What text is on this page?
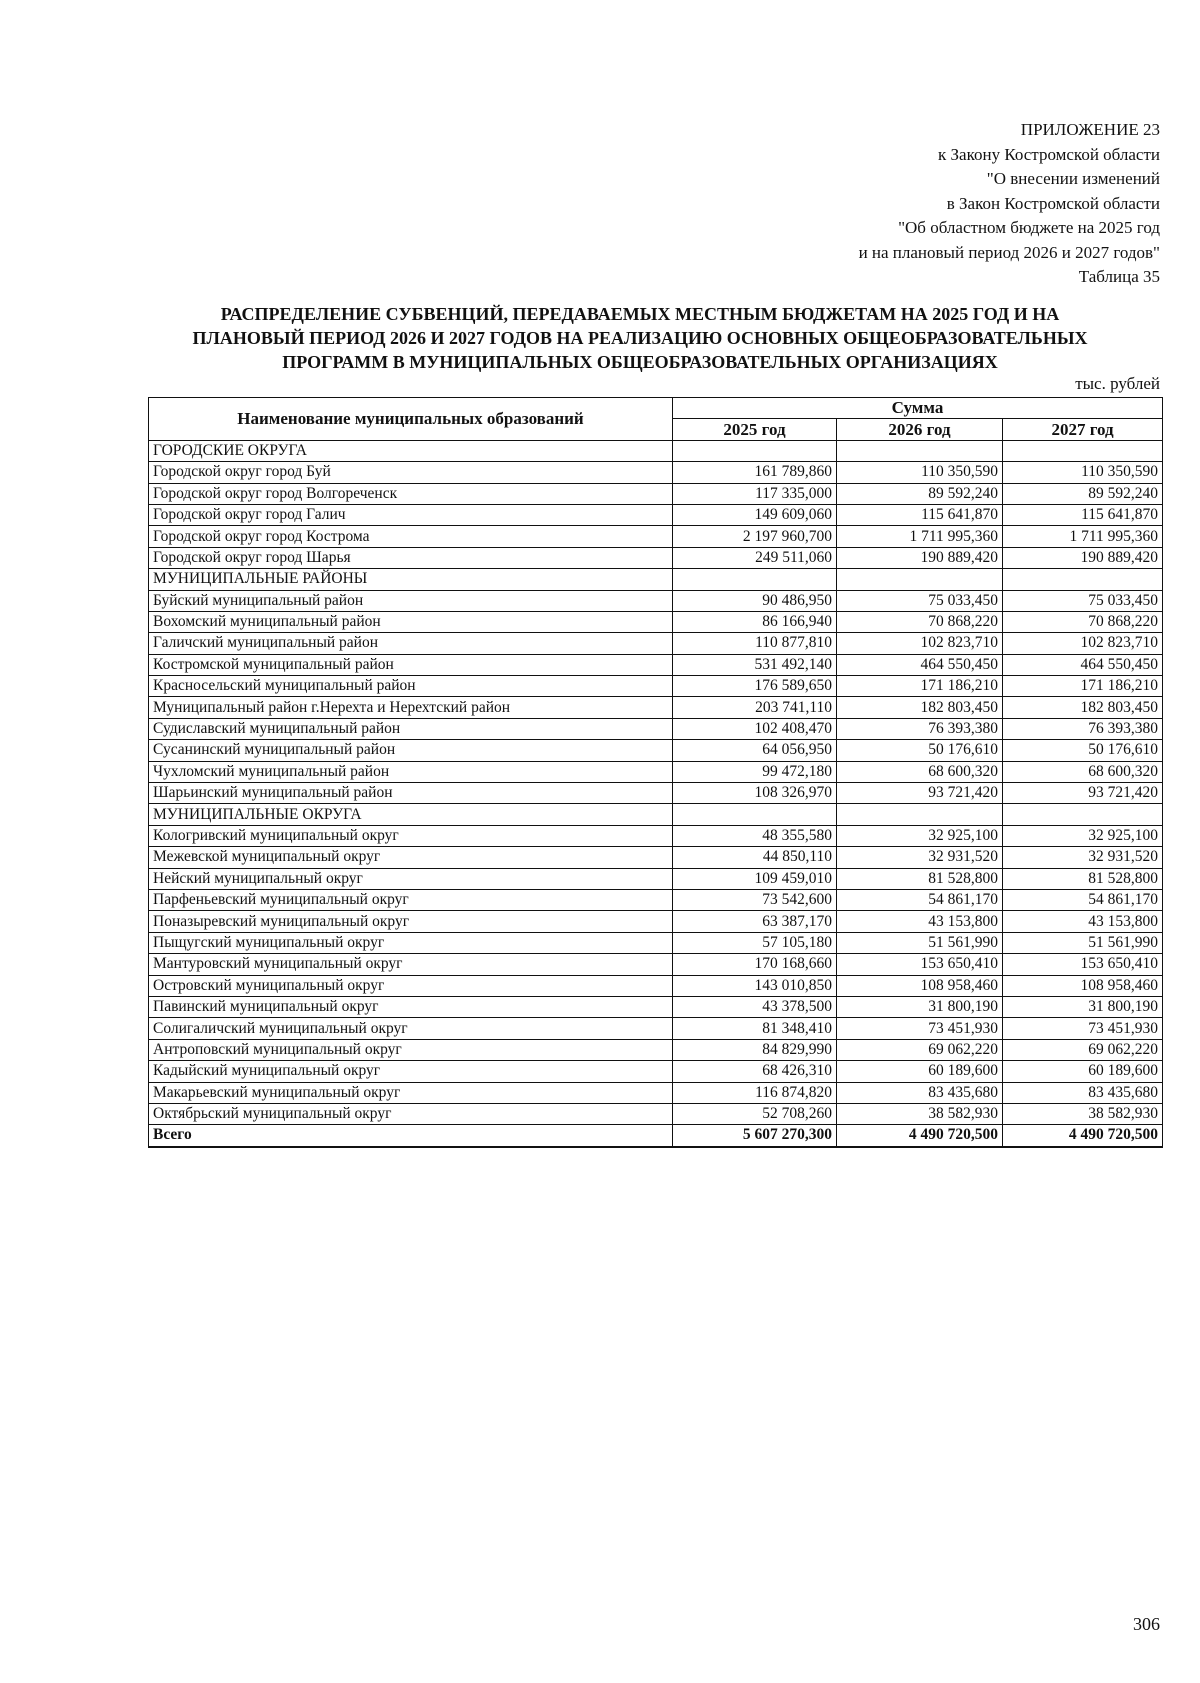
ПРИЛОЖЕНИЕ 23
к Закону Костромской области
"О внесении изменений
в Закон Костромской области
"Об областном бюджете на 2025 год
и на плановый период 2026 и 2027 годов"
Таблица 35
РАСПРЕДЕЛЕНИЕ СУБВЕНЦИЙ, ПЕРЕДАВАЕМЫХ МЕСТНЫМ БЮДЖЕТАМ НА 2025 ГОД И НА
ПЛАНОВЫЙ ПЕРИОД 2026 И 2027 ГОДОВ НА РЕАЛИЗАЦИЮ ОСНОВНЫХ ОБЩЕОБРАЗОВАТЕЛЬНЫХ
ПРОГРАММ В МУНИЦИПАЛЬНЫХ ОБЩЕОБРАЗОВАТЕЛЬНЫХ ОРГАНИЗАЦИЯХ
тыс. рублей
Наименование муниципальных образований	Сумма		
	2025 год	2026 год	2027 год
ГОРОДСКИЕ ОКРУГА			
Городской округ город Буй	161 789,860	110 350,590	110 350,590
Городской округ город Волгореченск	117 335,000	89 592,240	89 592,240
Городской округ город Галич	149 609,060	115 641,870	115 641,870
Городской округ город Кострома	2 197 960,700	1 711 995,360	1 711 995,360
Городской округ город Шарья	249 511,060	190 889,420	190 889,420
МУНИЦИПАЛЬНЫЕ РАЙОНЫ			
Буйский муниципальный район	90 486,950	75 033,450	75 033,450
Вохомский муниципальный район	86 166,940	70 868,220	70 868,220
Галичский муниципальный район	110 877,810	102 823,710	102 823,710
Костромской муниципальный район	531 492,140	464 550,450	464 550,450
Красносельский муниципальный район	176 589,650	171 186,210	171 186,210
Муниципальный район г.Нерехта и Нерехтский район	203 741,110	182 803,450	182 803,450
Судиславский муниципальный район	102 408,470	76 393,380	76 393,380
Сусанинский муниципальный район	64 056,950	50 176,610	50 176,610
Чухломский муниципальный район	99 472,180	68 600,320	68 600,320
Шарьинский муниципальный район	108 326,970	93 721,420	93 721,420
МУНИЦИПАЛЬНЫЕ ОКРУГА			
Кологривский муниципальный округ	48 355,580	32 925,100	32 925,100
Межевской муниципальный округ	44 850,110	32 931,520	32 931,520
Нейский муниципальный округ	109 459,010	81 528,800	81 528,800
Парфеньевский муниципальный округ	73 542,600	54 861,170	54 861,170
Поназыревский муниципальный округ	63 387,170	43 153,800	43 153,800
Пыщугский муниципальный округ	57 105,180	51 561,990	51 561,990
Мантуровский муниципальный округ	170 168,660	153 650,410	153 650,410
Островский муниципальный округ	143 010,850	108 958,460	108 958,460
Павинский муниципальный округ	43 378,500	31 800,190	31 800,190
Солигаличский муниципальный округ	81 348,410	73 451,930	73 451,930
Антроповский муниципальный округ	84 829,990	69 062,220	69 062,220
Кадыйский муниципальный округ	68 426,310	60 189,600	60 189,600
Макарьевский муниципальный округ	116 874,820	83 435,680	83 435,680
Октябрьский муниципальный округ	52 708,260	38 582,930	38 582,930
Всего	5 607 270,300	4 490 720,500	4 490 720,500
306
